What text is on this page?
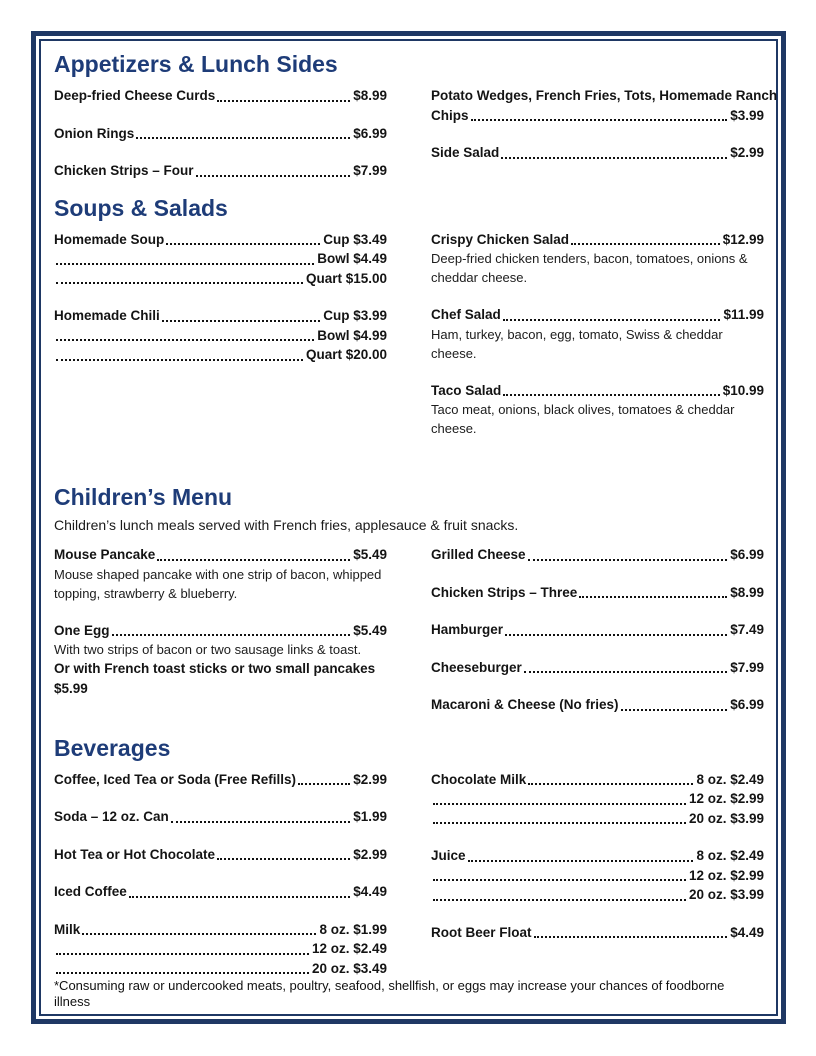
Appetizers & Lunch Sides
Deep-fried Cheese Curds	$8.99
Onion Rings	$6.99
Chicken Strips – Four	$7.99
Potato Wedges, French Fries, Tots, Homemade Ranch
Chips	$3.99
Side Salad	$2.99
Soups & Salads
Homemade Soup	Cup $3.49
Bowl $4.49
Quart $15.00
Homemade Chili	Cup $3.99
Bowl $4.99
Quart $20.00
Crispy Chicken Salad	$12.99
Deep-fried chicken tenders, bacon, tomatoes, onions &
cheddar cheese.
Chef Salad	$11.99
Ham, turkey, bacon, egg, tomato, Swiss & cheddar cheese.
Taco Salad	$10.99
Taco meat, onions, black olives, tomatoes & cheddar cheese.
Children’s Menu
Children’s lunch meals served with French fries, applesauce & fruit snacks.
Mouse Pancake	$5.49
Mouse shaped pancake with one strip of bacon, whipped
topping, strawberry & blueberry.
One Egg	$5.49
With two strips of bacon or two sausage links & toast.
Or with French toast sticks or two small pancakes $5.99
Grilled Cheese	$6.99
Chicken Strips – Three	$8.99
Hamburger	$7.49
Cheeseburger	$7.99
Macaroni & Cheese (No fries)	$6.99
Beverages
Coffee, Iced Tea or Soda (Free Refills)	$2.99
Soda – 12 oz. Can	$1.99
Hot Tea or Hot Chocolate	$2.99
Iced Coffee	$4.49
Milk	8 oz. $1.99
12 oz. $2.49
20 oz. $3.49
Chocolate Milk	8 oz. $2.49
12 oz. $2.99
20 oz. $3.99
Juice	8 oz. $2.49
12 oz. $2.99
20 oz. $3.99
Root Beer Float	$4.49
*Consuming raw or undercooked meats, poultry, seafood, shellfish, or eggs may increase your chances of foodborne illness
